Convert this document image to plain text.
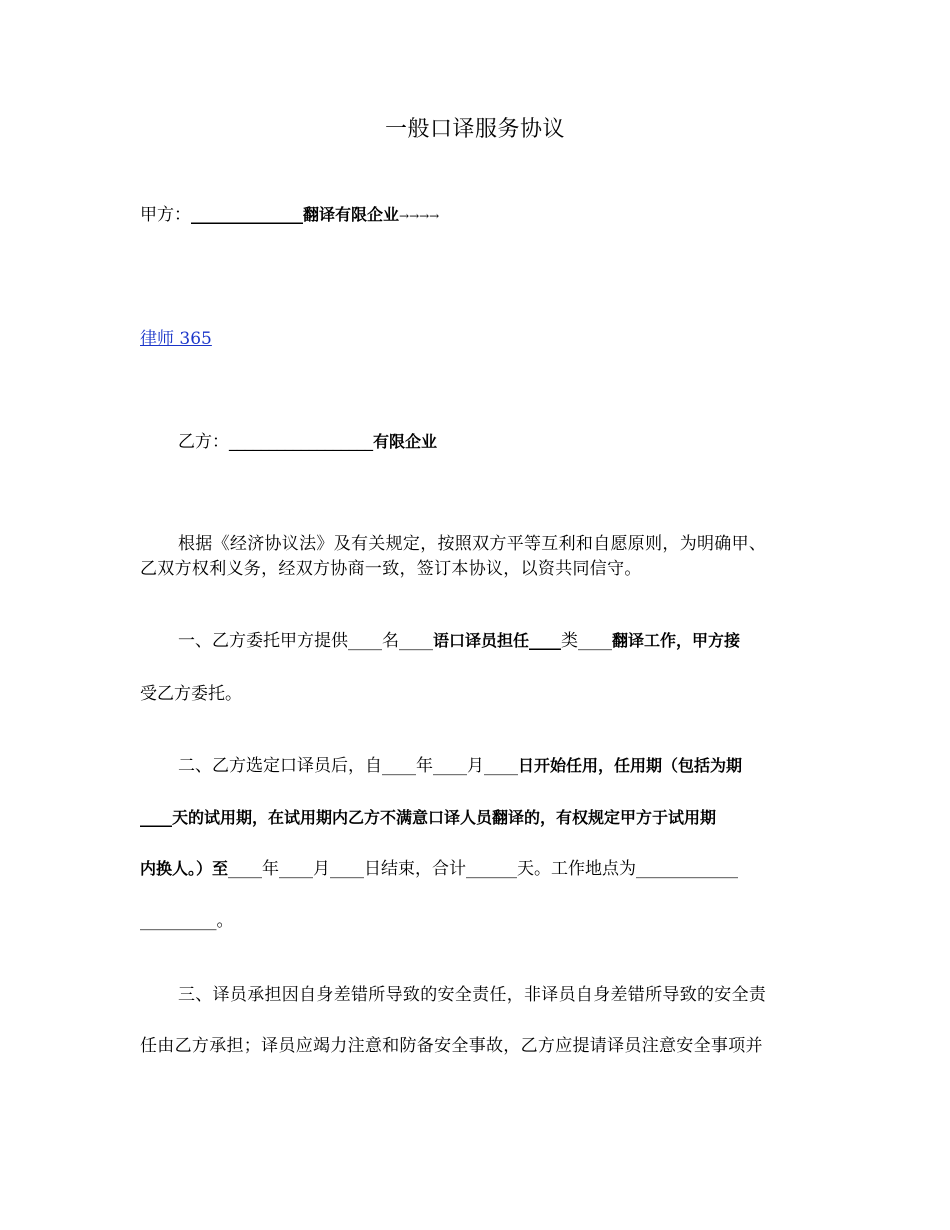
一般口译服务协议
甲方：______________翻译有限企业→→→→
律师 365
乙方：__________________有限企业
根据《经济协议法》及有关规定，按照双方平等互利和自愿原则，为明确甲、
乙双方权利义务，经双方协商一致，签订本协议，以资共同信守。
一、乙方委托甲方提供____名____语口译员担任____类____翻译工作，甲方接
受乙方委托。
二、乙方选定口译员后，自____年____月____日开始任用，任用期（包括为期
____天的试用期，在试用期内乙方不满意口译人员翻译的，有权规定甲方于试用期
内换人。）至____年____月____日结束，合计______天。工作地点为____________
_________。
三、译员承担因自身差错所导致的安全责任，非译员自身差错所导致的安全责
任由乙方承担；译员应竭力注意和防备安全事故，乙方应提请译员注意安全事项并
